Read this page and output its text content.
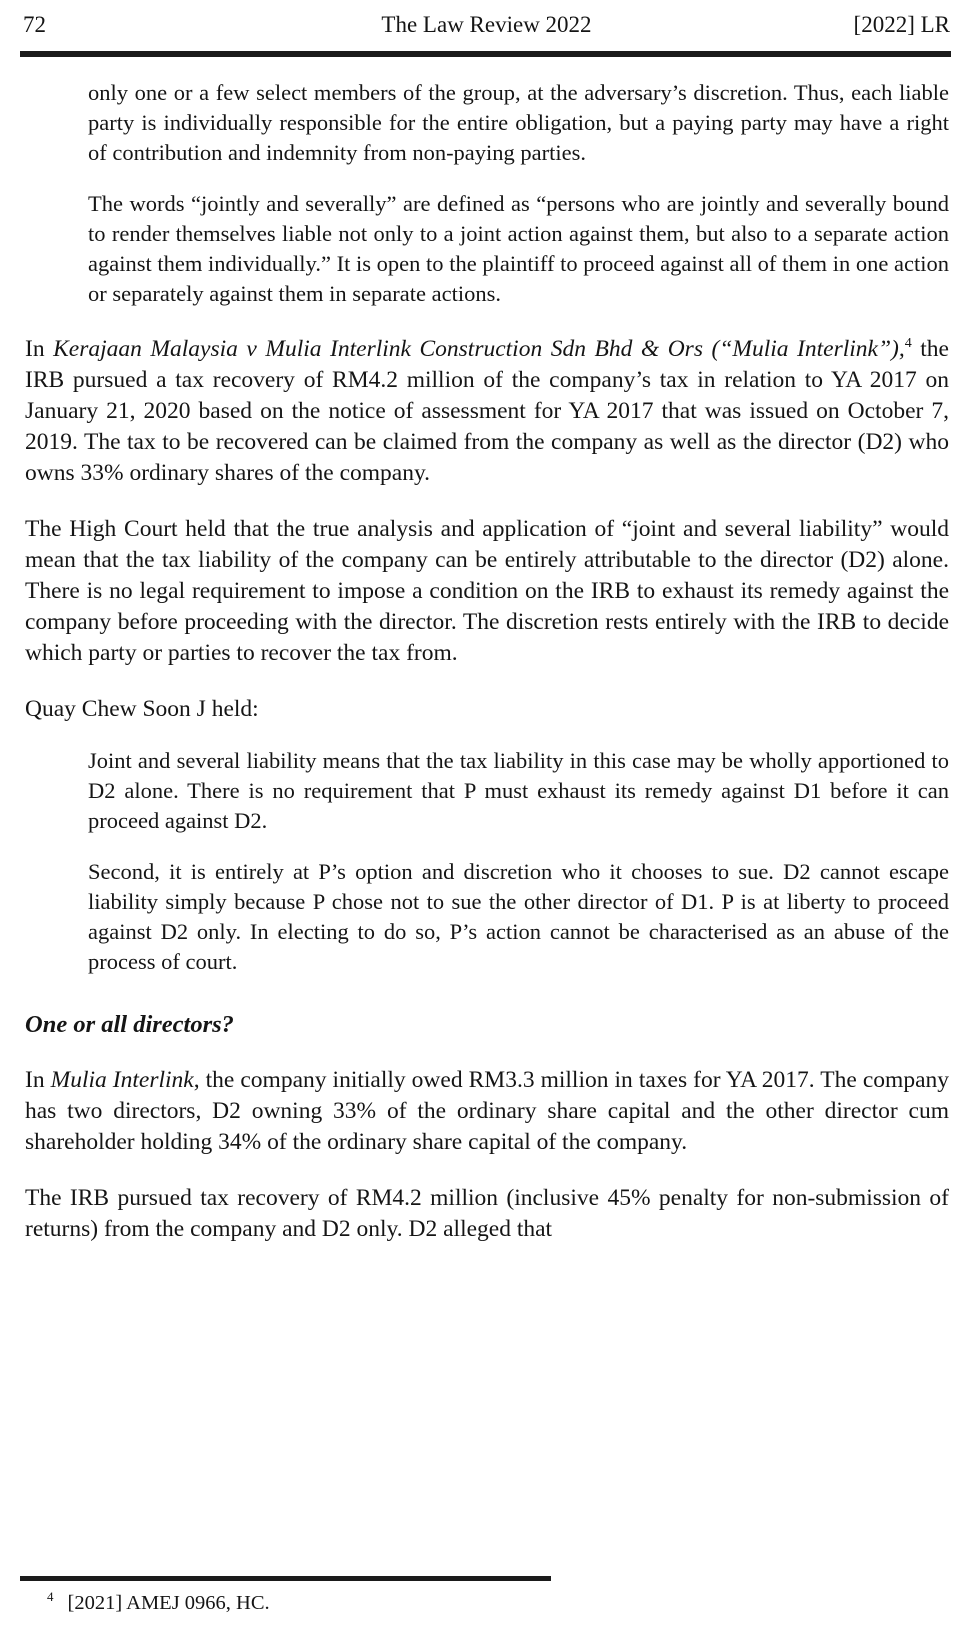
72	The Law Review 2022	[2022] LR

only one or a few select members of the group, at the adversary’s discretion. Thus, each liable party is individually responsible for the entire obligation, but a paying party may have a right of contribution and indemnity from non-paying parties.

The words “jointly and severally” are defined as “persons who are jointly and severally bound to render themselves liable not only to a joint action against them, but also to a separate action against them individually.” It is open to the plaintiff to proceed against all of them in one action or separately against them in separate actions.

In Kerajaan Malaysia v Mulia Interlink Construction Sdn Bhd & Ors (“Mulia Interlink”),$^4$ the IRB pursued a tax recovery of RM4.2 million of the company’s tax in relation to YA 2017 on January 21, 2020 based on the notice of assessment for YA 2017 that was issued on October 7, 2019. The tax to be recovered can be claimed from the company as well as the director (D2) who owns 33% ordinary shares of the company.

The High Court held that the true analysis and application of “joint and several liability” would mean that the tax liability of the company can be entirely attributable to the director (D2) alone. There is no legal requirement to impose a condition on the IRB to exhaust its remedy against the company before proceeding with the director. The discretion rests entirely with the IRB to decide which party or parties to recover the tax from.

Quay Chew Soon J held:

Joint and several liability means that the tax liability in this case may be wholly apportioned to D2 alone. There is no requirement that P must exhaust its remedy against D1 before it can proceed against D2.

Second, it is entirely at P’s option and discretion who it chooses to sue. D2 cannot escape liability simply because P chose not to sue the other director of D1. P is at liberty to proceed against D2 only. In electing to do so, P’s action cannot be characterised as an abuse of the process of court.

One or all directors?

In Mulia Interlink, the company initially owed RM3.3 million in taxes for YA 2017. The company has two directors, D2 owning 33% of the ordinary share capital and the other director cum shareholder holding 34% of the ordinary share capital of the company.

The IRB pursued tax recovery of RM4.2 million (inclusive 45% penalty for non-submission of returns) from the company and D2 only. D2 alleged that

$^4$ [2021] AMEJ 0966, HC.
